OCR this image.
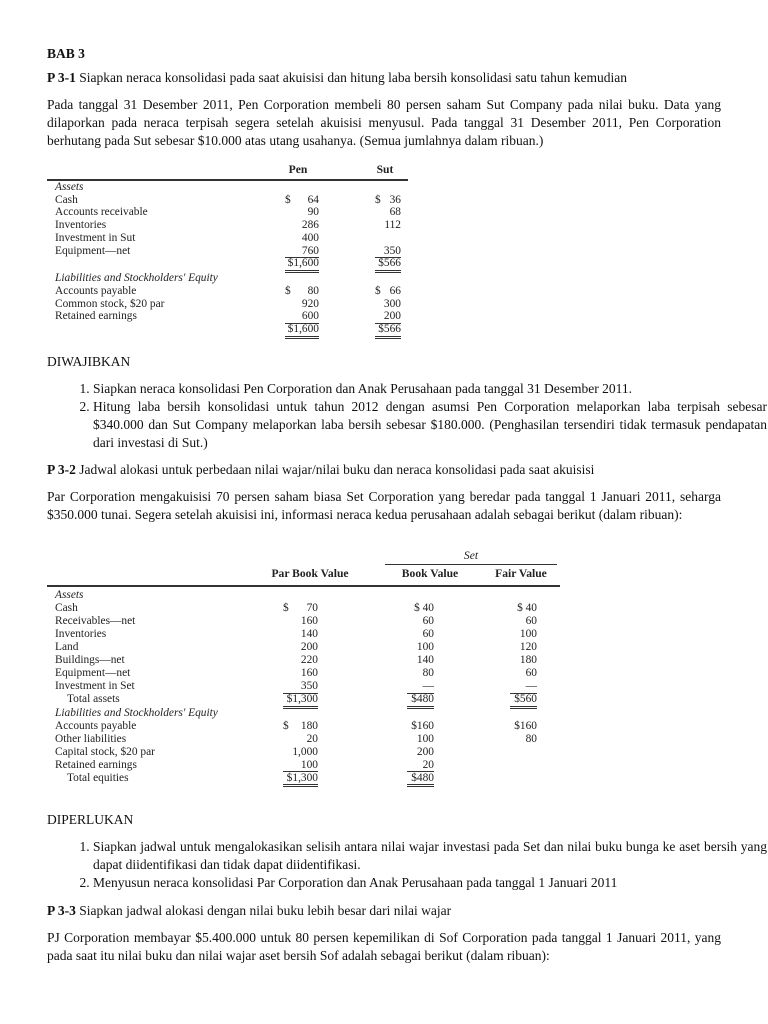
BAB 3
P 3-1 Siapkan neraca konsolidasi pada saat akuisisi dan hitung laba bersih konsolidasi satu tahun kemudian
Pada tanggal 31 Desember 2011, Pen Corporation membeli 80 persen saham Sut Company pada nilai buku. Data yang dilaporkan pada neraca terpisah segera setelah akuisisi menyusul. Pada tanggal 31 Desember 2011, Pen Corporation berhutang pada Sut sebesar $10.000 atas utang usahanya. (Semua jumlahnya dalam ribuan.)
Pen	Sut
Assets
Cash	$ 64	$ 36
Accounts receivable	90	68
Inventories	286	112
Investment in Sut	400
Equipment—net	760	350
$1,600	$566
Liabilities and Stockholders' Equity
Accounts payable	$ 80	$ 66
Common stock, $20 par	920	300
Retained earnings	600	200
$1,600	$566
DIWAJIBKAN
1. Siapkan neraca konsolidasi Pen Corporation dan Anak Perusahaan pada tanggal 31 Desember 2011.
2. Hitung laba bersih konsolidasi untuk tahun 2012 dengan asumsi Pen Corporation melaporkan laba terpisah sebesar $340.000 dan Sut Company melaporkan laba bersih sebesar $180.000. (Penghasilan tersendiri tidak termasuk pendapatan dari investasi di Sut.)
P 3-2 Jadwal alokasi untuk perbedaan nilai wajar/nilai buku dan neraca konsolidasi pada saat akuisisi
Par Corporation mengakuisisi 70 persen saham biasa Set Corporation yang beredar pada tanggal 1 Januari 2011, seharga $350.000 tunai. Segera setelah akuisisi ini, informasi neraca kedua perusahaan adalah sebagai berikut (dalam ribuan):
Par Book Value	Book Value	Fair Value
Set
Assets
Cash	$ 70	$ 40	$ 40
Receivables—net	160	60	60
Inventories	140	60	100
Land	200	100	120
Buildings—net	220	140	180
Equipment—net	160	80	60
Investment in Set	350	—	—
Total assets	$1,300	$480	$560
Liabilities and Stockholders' Equity
Accounts payable	$ 180	$160	$160
Other liabilities	20	100	80
Capital stock, $20 par	1,000	200
Retained earnings	100	20
Total equities	$1,300	$480
DIPERLUKAN
1. Siapkan jadwal untuk mengalokasikan selisih antara nilai wajar investasi pada Set dan nilai buku bunga ke aset bersih yang dapat diidentifikasi dan tidak dapat diidentifikasi.
2. Menyusun neraca konsolidasi Par Corporation dan Anak Perusahaan pada tanggal 1 Januari 2011
P 3-3 Siapkan jadwal alokasi dengan nilai buku lebih besar dari nilai wajar
PJ Corporation membayar $5.400.000 untuk 80 persen kepemilikan di Sof Corporation pada tanggal 1 Januari 2011, yang pada saat itu nilai buku dan nilai wajar aset bersih Sof adalah sebagai berikut (dalam ribuan):
